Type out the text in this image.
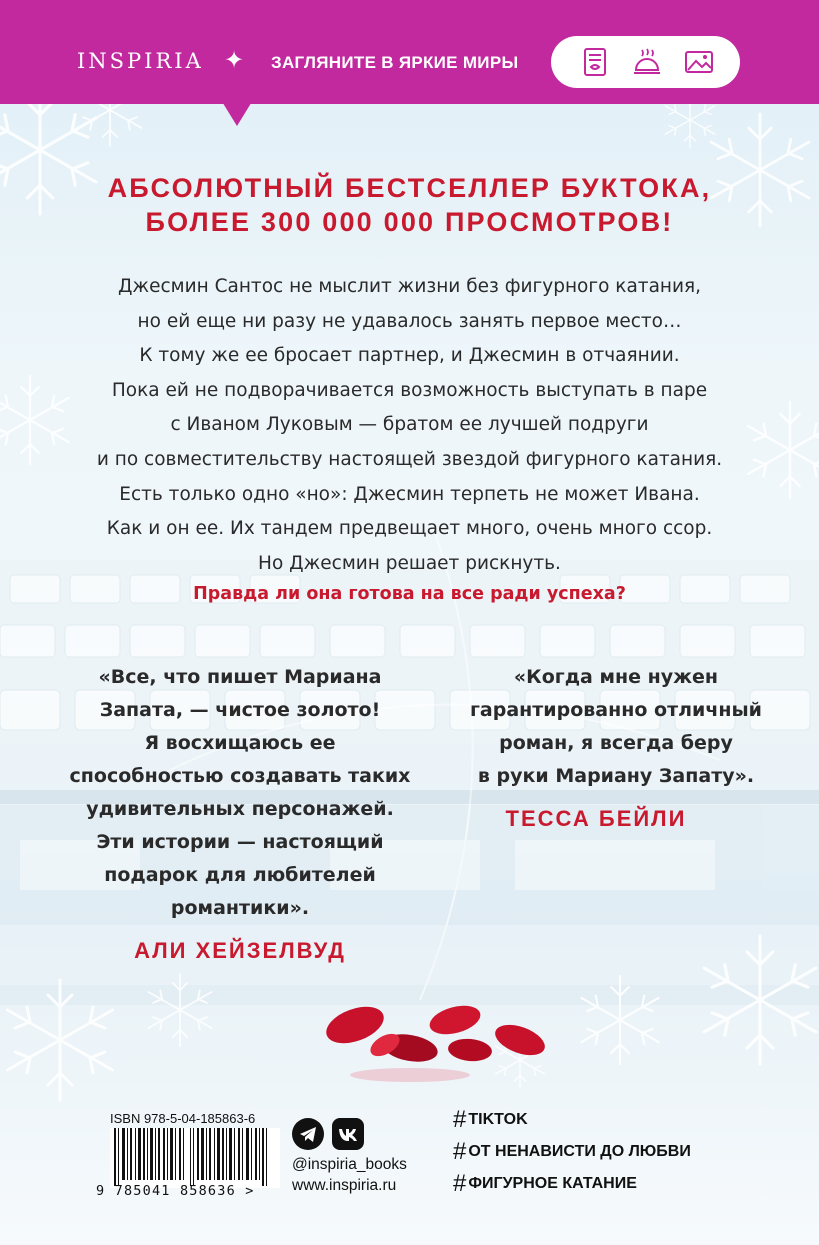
INSPIRIA ✦ ЗАГЛЯНИТЕ В ЯРКИЕ МИРЫ
АБСОЛЮТНЫЙ БЕСТСЕЛЛЕР БУКТОКА,
БОЛЕЕ 300 000 000 ПРОСМОТРОВ!
Джесмин Сантос не мыслит жизни без фигурного катания,
но ей еще ни разу не удавалось занять первое место…
К тому же ее бросает партнер, и Джесмин в отчаянии.
Пока ей не подворачивается возможность выступать в паре
с Иваном Луковым — братом ее лучшей подруги
и по совместительству настоящей звездой фигурного катания.
Есть только одно «но»: Джесмин терпеть не может Ивана.
Как и он ее. Их тандем предвещает много, очень много ссор.
Но Джесмин решает рискнуть.
Правда ли она готова на все ради успеха?
«Все, что пишет Мариана
Запата, — чистое золото!
Я восхищаюсь ее
способностью создавать таких
удивительных персонажей.
Эти истории — настоящий
подарок для любителей
романтики».
АЛИ ХЕЙЗЕЛВУД
«Когда мне нужен
гарантированно отличный
роман, я всегда беру
в руки Мариану Запату».
ТЕССА БЕЙЛИ
ISBN 978-5-04-185863-6
9 785041 858636 >
@inspiria_books
www.inspiria.ru
# TIKTOK
# ОТ НЕНАВИСТИ ДО ЛЮБВИ
# ФИГУРНОЕ КАТАНИЕ
